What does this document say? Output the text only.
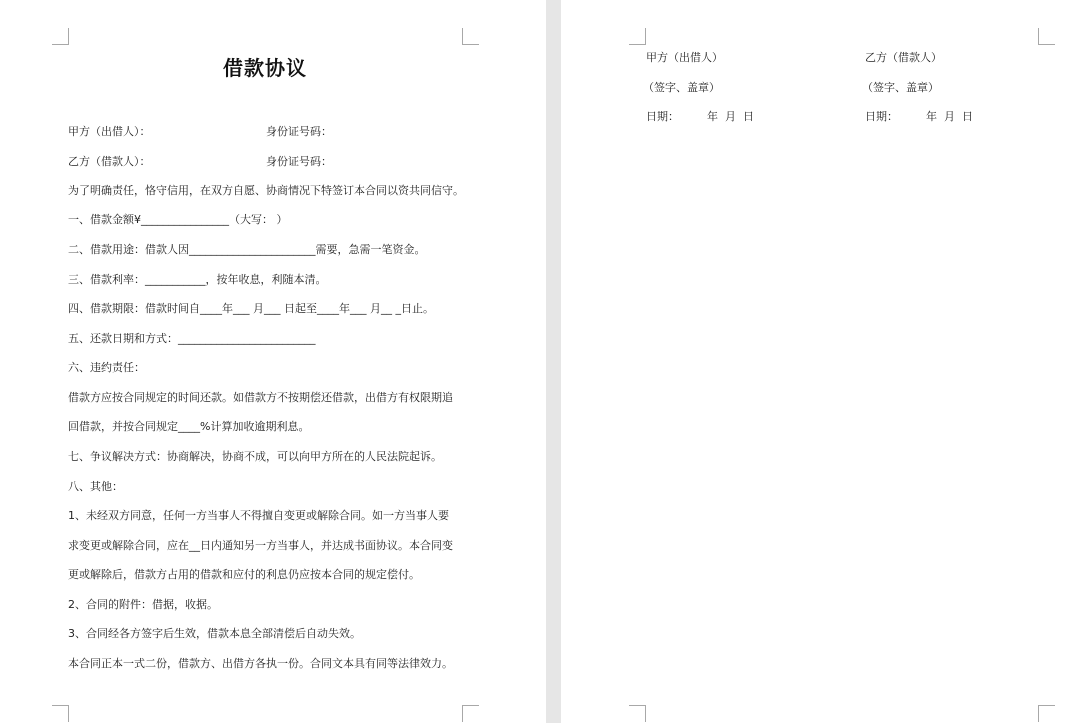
借款协议
甲方（出借人）：	身份证号码：
乙方（借款人）：	身份证号码：
为了明确责任，恪守信用，在双方自愿、协商情况下特签订本合同以资共同信守。
一、借款金额¥________________（大写： ）
二、借款用途：借款人因_______________________需要，急需一笔资金。
三、借款利率：___________，按年收息，利随本清。
四、借款期限：借款时间自____年___ 月___ 日起至____年___ 月__ _日止。
五、还款日期和方式：_________________________
六、违约责任：
借款方应按合同规定的时间还款。如借款方不按期偿还借款，出借方有权限期追
回借款，并按合同规定____%计算加收逾期利息。
七、争议解决方式：协商解决，协商不成，可以向甲方所在的人民法院起诉。
八、其他：
1、未经双方同意，任何一方当事人不得擅自变更或解除合同。如一方当事人要
求变更或解除合同，应在__日内通知另一方当事人，并达成书面协议。本合同变
更或解除后，借款方占用的借款和应付的利息仍应按本合同的规定偿付。
2、合同的附件：借据，收据。
3、合同经各方签字后生效，借款本息全部清偿后自动失效。
本合同正本一式二份，借款方、出借方各执一份。合同文本具有同等法律效力。
甲方（出借人）	乙方（借款人）
（签字、盖章）	（签字、盖章）
日期：        年  月  日	日期：        年  月  日
